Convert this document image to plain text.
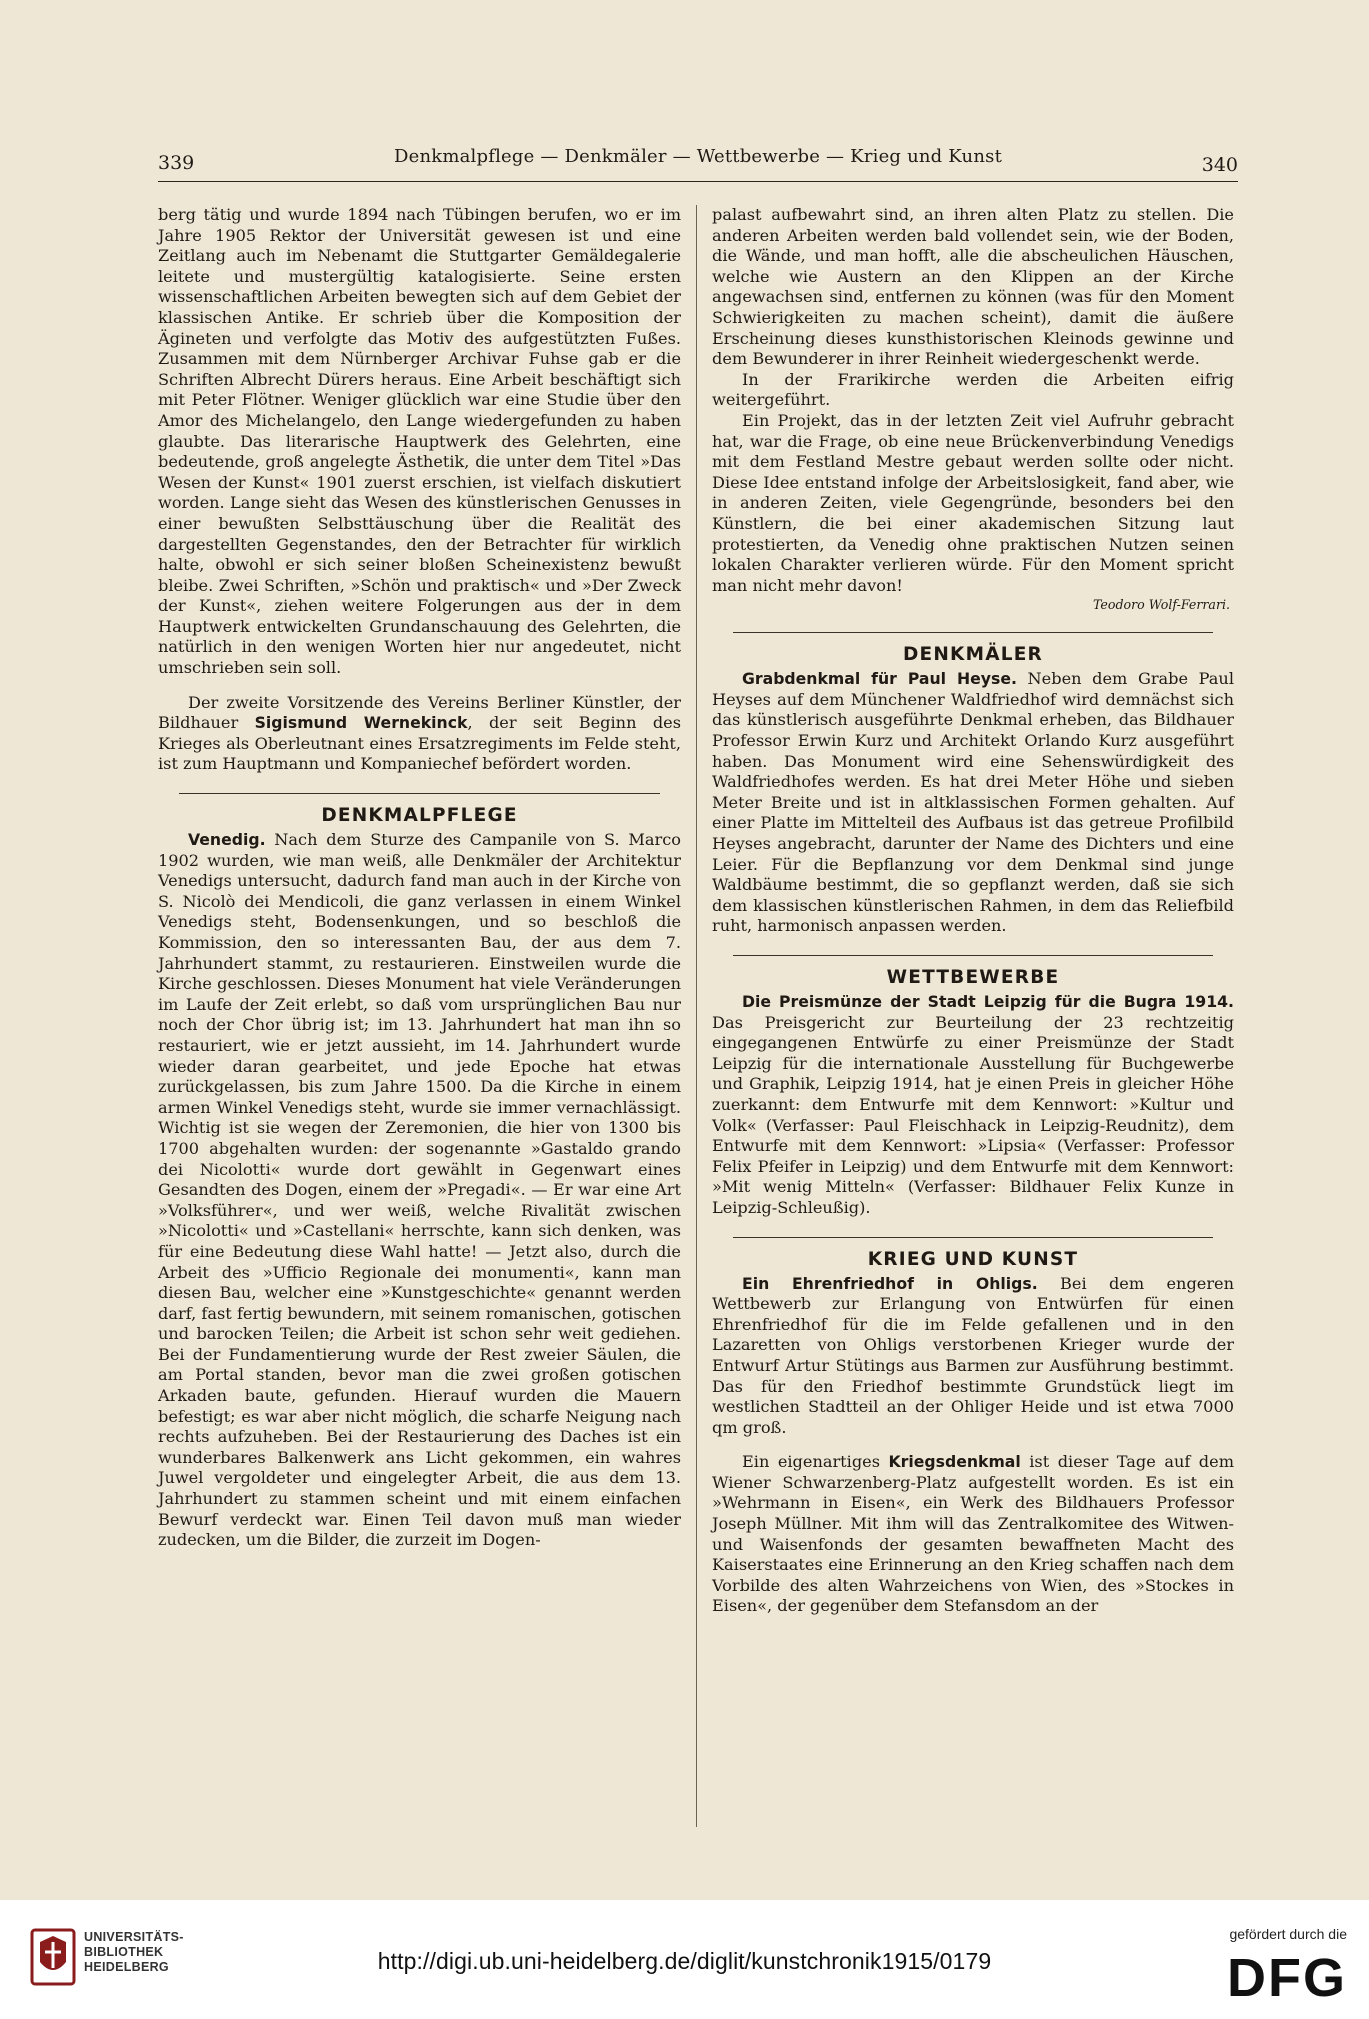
339	Denkmalpflege — Denkmäler — Wettbewerbe — Krieg und Kunst	340

berg tätig und wurde 1894 nach Tübingen berufen, wo er im Jahre 1905 Rektor der Universität gewesen ist und eine Zeitlang auch im Nebenamt die Stuttgarter Gemäldegalerie leitete und mustergültig katalogisierte. Seine ersten wissenschaftlichen Arbeiten bewegten sich auf dem Gebiet der klassischen Antike. Er schrieb über die Komposition der Ägineten und verfolgte das Motiv des aufgestützten Fußes. Zusammen mit dem Nürnberger Archivar Fuhse gab er die Schriften Albrecht Dürers heraus. Eine Arbeit beschäftigt sich mit Peter Flötner. Weniger glücklich war eine Studie über den Amor des Michelangelo, den Lange wiedergefunden zu haben glaubte. Das literarische Hauptwerk des Gelehrten, eine bedeutende, groß angelegte Ästhetik, die unter dem Titel »Das Wesen der Kunst« 1901 zuerst erschien, ist vielfach diskutiert worden. Lange sieht das Wesen des künstlerischen Genusses in einer bewußten Selbsttäuschung über die Realität des dargestellten Gegenstandes, den der Betrachter für wirklich halte, obwohl er sich seiner bloßen Scheinexistenz bewußt bleibe. Zwei Schriften, »Schön und praktisch« und »Der Zweck der Kunst«, ziehen weitere Folgerungen aus der in dem Hauptwerk entwickelten Grundanschauung des Gelehrten, die natürlich in den wenigen Worten hier nur angedeutet, nicht umschrieben sein soll.

Der zweite Vorsitzende des Vereins Berliner Künstler, der Bildhauer Sigismund Wernekinck, der seit Beginn des Krieges als Oberleutnant eines Ersatzregiments im Felde steht, ist zum Hauptmann und Kompaniechef befördert worden.

DENKMALPFLEGE

Venedig. Nach dem Sturze des Campanile von S. Marco 1902 wurden, wie man weiß, alle Denkmäler der Architektur Venedigs untersucht, dadurch fand man auch in der Kirche von S. Nicolò dei Mendicoli, die ganz verlassen in einem Winkel Venedigs steht, Bodensenkungen, und so beschloß die Kommission, den so interessanten Bau, der aus dem 7. Jahrhundert stammt, zu restaurieren. Einstweilen wurde die Kirche geschlossen. Dieses Monument hat viele Veränderungen im Laufe der Zeit erlebt, so daß vom ursprünglichen Bau nur noch der Chor übrig ist; im 13. Jahrhundert hat man ihn so restauriert, wie er jetzt aussieht, im 14. Jahrhundert wurde wieder daran gearbeitet, und jede Epoche hat etwas zurückgelassen, bis zum Jahre 1500. Da die Kirche in einem armen Winkel Venedigs steht, wurde sie immer vernachlässigt. Wichtig ist sie wegen der Zeremonien, die hier von 1300 bis 1700 abgehalten wurden: der sogenannte »Gastaldo grando dei Nicolotti« wurde dort gewählt in Gegenwart eines Gesandten des Dogen, einem der »Pregadi«. — Er war eine Art »Volksführer«, und wer weiß, welche Rivalität zwischen »Nicolotti« und »Castellani« herrschte, kann sich denken, was für eine Bedeutung diese Wahl hatte! — Jetzt also, durch die Arbeit des »Ufficio Regionale dei monumenti«, kann man diesen Bau, welcher eine »Kunstgeschichte« genannt werden darf, fast fertig bewundern, mit seinem romanischen, gotischen und barocken Teilen; die Arbeit ist schon sehr weit gediehen. Bei der Fundamentierung wurde der Rest zweier Säulen, die am Portal standen, bevor man die zwei großen gotischen Arkaden baute, gefunden. Hierauf wurden die Mauern befestigt; es war aber nicht möglich, die scharfe Neigung nach rechts aufzuheben. Bei der Restaurierung des Daches ist ein wunderbares Balkenwerk ans Licht gekommen, ein wahres Juwel vergoldeter und eingelegter Arbeit, die aus dem 13. Jahrhundert zu stammen scheint und mit einem einfachen Bewurf verdeckt war. Einen Teil davon muß man wieder zudecken, um die Bilder, die zurzeit im Dogen-

palast aufbewahrt sind, an ihren alten Platz zu stellen. Die anderen Arbeiten werden bald vollendet sein, wie der Boden, die Wände, und man hofft, alle die abscheulichen Häuschen, welche wie Austern an den Klippen an der Kirche angewachsen sind, entfernen zu können (was für den Moment Schwierigkeiten zu machen scheint), damit die äußere Erscheinung dieses kunsthistorischen Kleinods gewinne und dem Bewunderer in ihrer Reinheit wiedergeschenkt werde.

In der Frarikirche werden die Arbeiten eifrig weitergeführt.

Ein Projekt, das in der letzten Zeit viel Aufruhr gebracht hat, war die Frage, ob eine neue Brückenverbindung Venedigs mit dem Festland Mestre gebaut werden sollte oder nicht. Diese Idee entstand infolge der Arbeitslosigkeit, fand aber, wie in anderen Zeiten, viele Gegengründe, besonders bei den Künstlern, die bei einer akademischen Sitzung laut protestierten, da Venedig ohne praktischen Nutzen seinen lokalen Charakter verlieren würde. Für den Moment spricht man nicht mehr davon!

Teodoro Wolf-Ferrari.

DENKMÄLER

Grabdenkmal für Paul Heyse. Neben dem Grabe Paul Heyses auf dem Münchener Waldfriedhof wird demnächst sich das künstlerisch ausgeführte Denkmal erheben, das Bildhauer Professor Erwin Kurz und Architekt Orlando Kurz ausgeführt haben. Das Monument wird eine Sehenswürdigkeit des Waldfriedhofes werden. Es hat drei Meter Höhe und sieben Meter Breite und ist in altklassischen Formen gehalten. Auf einer Platte im Mittelteil des Aufbaus ist das getreue Profilbild Heyses angebracht, darunter der Name des Dichters und eine Leier. Für die Bepflanzung vor dem Denkmal sind junge Waldbäume bestimmt, die so gepflanzt werden, daß sie sich dem klassischen künstlerischen Rahmen, in dem das Reliefbild ruht, harmonisch anpassen werden.

WETTBEWERBE

Die Preismünze der Stadt Leipzig für die Bugra 1914. Das Preisgericht zur Beurteilung der 23 rechtzeitig eingegangenen Entwürfe zu einer Preismünze der Stadt Leipzig für die internationale Ausstellung für Buchgewerbe und Graphik, Leipzig 1914, hat je einen Preis in gleicher Höhe zuerkannt: dem Entwurfe mit dem Kennwort: »Kultur und Volk« (Verfasser: Paul Fleischhack in Leipzig-Reudnitz), dem Entwurfe mit dem Kennwort: »Lipsia« (Verfasser: Professor Felix Pfeifer in Leipzig) und dem Entwurfe mit dem Kennwort: »Mit wenig Mitteln« (Verfasser: Bildhauer Felix Kunze in Leipzig-Schleußig).

KRIEG UND KUNST

Ein Ehrenfriedhof in Ohligs. Bei dem engeren Wettbewerb zur Erlangung von Entwürfen für einen Ehrenfriedhof für die im Felde gefallenen und in den Lazaretten von Ohligs verstorbenen Krieger wurde der Entwurf Artur Stütings aus Barmen zur Ausführung bestimmt. Das für den Friedhof bestimmte Grundstück liegt im westlichen Stadtteil an der Ohliger Heide und ist etwa 7000 qm groß.

Ein eigenartiges Kriegsdenkmal ist dieser Tage auf dem Wiener Schwarzenberg-Platz aufgestellt worden. Es ist ein »Wehrmann in Eisen«, ein Werk des Bildhauers Professor Joseph Müllner. Mit ihm will das Zentralkomitee des Witwen- und Waisenfonds der gesamten bewaffneten Macht des Kaiserstaates eine Erinnerung an den Krieg schaffen nach dem Vorbilde des alten Wahrzeichens von Wien, des »Stockes in Eisen«, der gegenüber dem Stefansdom an der

UNIVERSITÄTS-
BIBLIOTHEK
HEIDELBERG	http://digi.ub.uni-heidelberg.de/diglit/kunstchronik1915/0179
gefördert durch die
DFG
